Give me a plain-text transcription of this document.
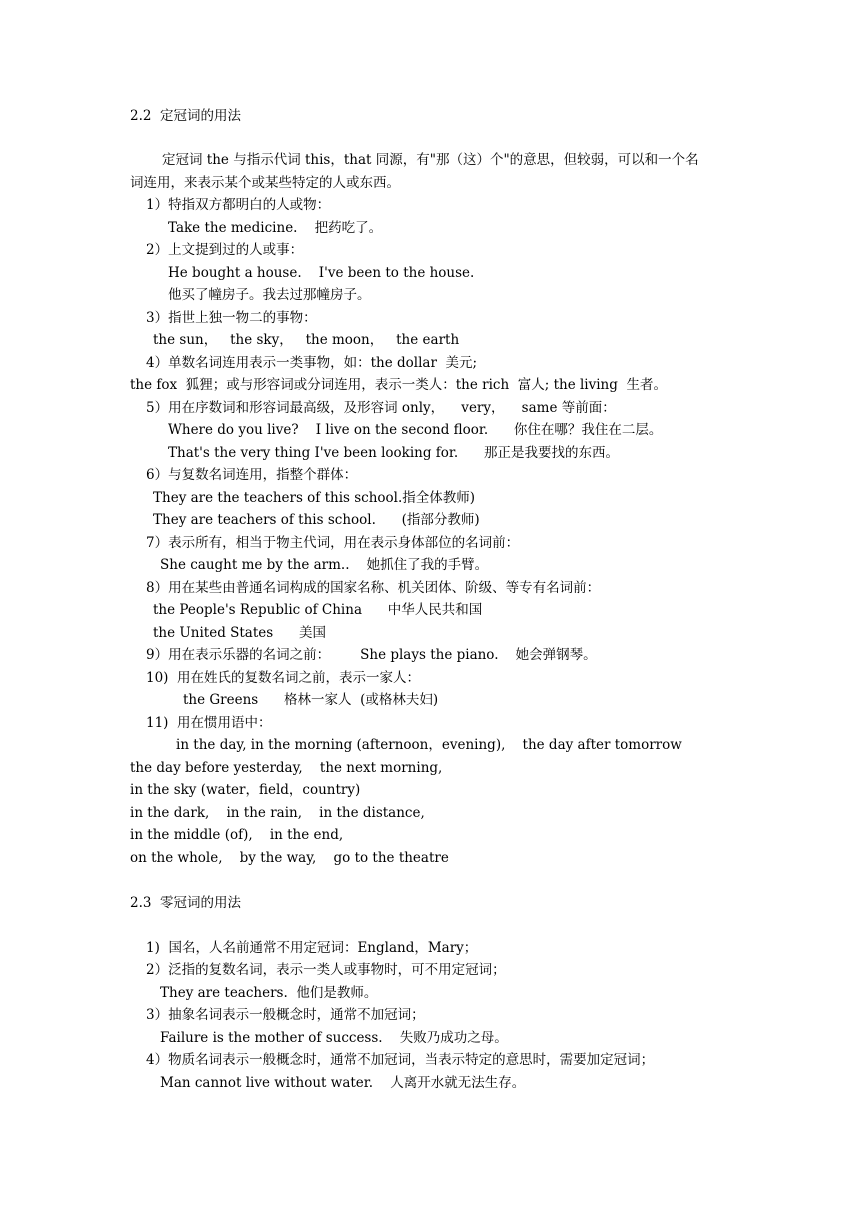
2.2  定冠词的用法
定冠词 the 与指示代词 this，that 同源，有"那（这）个"的意思，但较弱，可以和一个名
词连用，来表示某个或某些特定的人或东西。
1）特指双方都明白的人或物：
Take the medicine.    把药吃了。
2）上文提到过的人或事：
He bought a house.    I've been to the house.
他买了幢房子。我去过那幢房子。
3）指世上独一物二的事物：
the sun，   the sky，   the moon，   the earth
4）单数名词连用表示一类事物，如：the dollar  美元;
the fox  狐狸；或与形容词或分词连用，表示一类人：the rich  富人; the living  生者。
5）用在序数词和形容词最高级，及形容词 only，    very，    same 等前面：
Where do you live?    I live on the second floor.      你住在哪？我住在二层。
That's the very thing I've been looking for.      那正是我要找的东西。
6）与复数名词连用，指整个群体：
They are the teachers of this school.指全体教师)
They are teachers of this school.      (指部分教师)
7）表示所有，相当于物主代词，用在表示身体部位的名词前：
She caught me by the arm..    她抓住了我的手臂。
8）用在某些由普通名词构成的国家名称、机关团体、阶级、等专有名词前：
the People's Republic of China      中华人民共和国
the United States      美国
9）用在表示乐器的名词之前：       She plays the piano.    她会弹钢琴。
10)  用在姓氏的复数名词之前，表示一家人：
the Greens      格林一家人  (或格林夫妇)
11)  用在惯用语中：
in the day, in the morning (afternoon，evening),    the day after tomorrow
the day before yesterday,    the next morning,
in the sky (water，field，country)
in the dark,    in the rain,    in the distance,
in the middle (of),    in the end,
on the whole,    by the way,    go to the theatre
2.3  零冠词的用法
1)  国名，人名前通常不用定冠词：England，Mary；
2）泛指的复数名词，表示一类人或事物时，可不用定冠词；
They are teachers.  他们是教师。
3）抽象名词表示一般概念时，通常不加冠词；
Failure is the mother of success.    失败乃成功之母。
4）物质名词表示一般概念时，通常不加冠词，当表示特定的意思时，需要加定冠词；
Man cannot live without water.    人离开水就无法生存。
